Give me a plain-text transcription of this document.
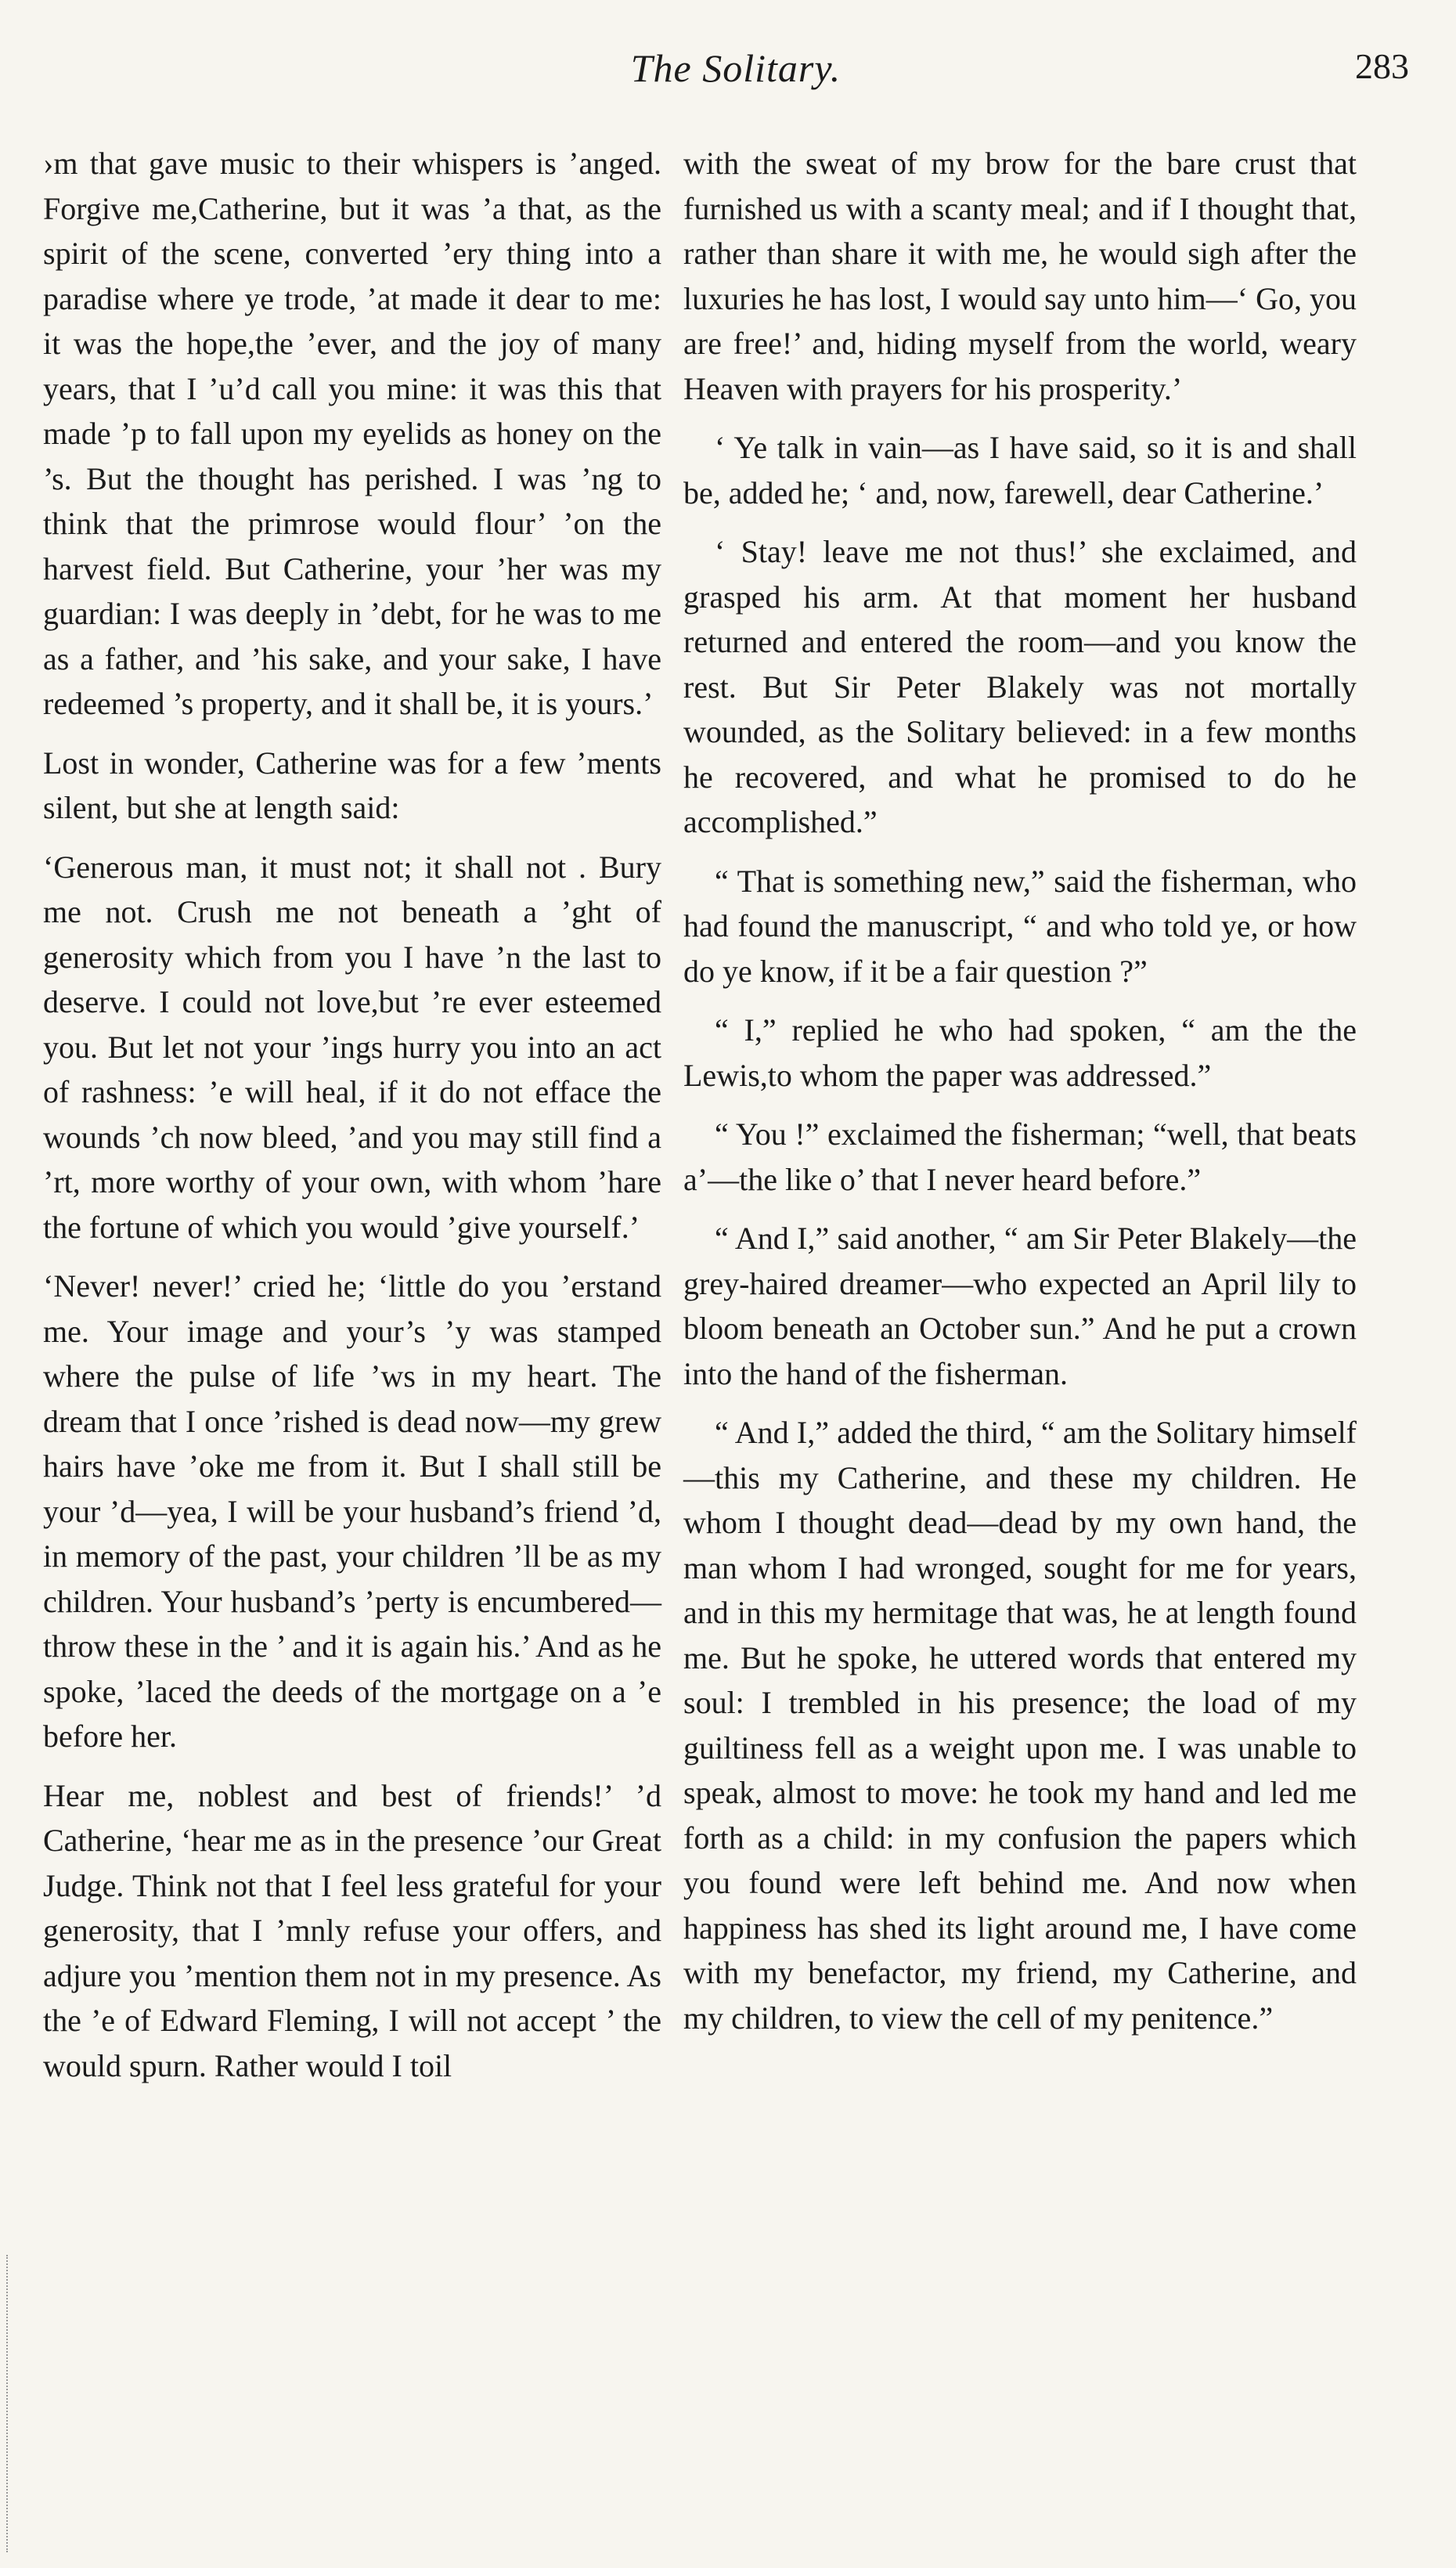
The Solitary.	283

›m that gave music to their whispers is ’anged. Forgive me,Catherine, but it was ’a that, as the spirit of the scene, converted ’ery thing into a paradise where ye trode, ’at made it dear to me: it was the hope,the ’ever, and the joy of many years, that I ’u’d call you mine: it was this that made ’p to fall upon my eyelids as honey on the ’s. But the thought has perished. I was ’ng to think that the primrose would flour’ ’on the harvest field. But Catherine, your ’her was my guardian: I was deeply in ’debt, for he was to me as a father, and ’his sake, and your sake, I have redeemed ’s property, and it shall be, it is yours.’

Lost in wonder, Catherine was for a few ’ments silent, but she at length said:

‘Generous man, it must not; it shall not . Bury me not. Crush me not beneath a ’ght of generosity which from you I have ’n the last to deserve. I could not love,but ’re ever esteemed you. But let not your ’ings hurry you into an act of rashness: ’e will heal, if it do not efface the wounds ’ch now bleed, ’and you may still find a ’rt, more worthy of your own, with whom ’hare the fortune of which you would ’give yourself.’

‘Never! never!’ cried he; ‘little do you ’erstand me. Your image and your’s ’y was stamped where the pulse of life ’ws in my heart. The dream that I once ’rished is dead now—my grew hairs have ’oke me from it. But I shall still be your ’d—yea, I will be your husband’s friend ’d, in memory of the past, your children ’ll be as my children. Your husband’s ’perty is encumbered—throw these in the ’ and it is again his.’ And as he spoke, ’laced the deeds of the mortgage on a ’e before her.

Hear me, noblest and best of friends!’ ’d Catherine, ‘hear me as in the presence ’our Great Judge. Think not that I feel less grateful for your generosity, that I ’mnly refuse your offers, and adjure you ’mention them not in my presence. As the ’e of Edward Fleming, I will not accept ’ the would spurn. Rather would I toil

with the sweat of my brow for the bare crust that furnished us with a scanty meal; and if I thought that, rather than share it with me, he would sigh after the luxuries he has lost, I would say unto him—‘ Go, you are free!’ and, hiding myself from the world, weary Heaven with prayers for his prosperity.’

‘ Ye talk in vain—as I have said, so it is and shall be, added he; ‘ and, now, farewell, dear Catherine.’

‘ Stay! leave me not thus!’ she exclaimed, and grasped his arm. At that moment her husband returned and entered the room—and you know the rest. But Sir Peter Blakely was not mortally wounded, as the Solitary believed: in a few months he recovered, and what he promised to do he accomplished.”

“ That is something new,” said the fisherman, who had found the manuscript, “ and who told ye, or how do ye know, if it be a fair question ?”

“ I,” replied he who had spoken, “ am the the Lewis,to whom the paper was addressed.”

“ You !” exclaimed the fisherman; “well, that beats a’—the like o’ that I never heard before.”

“ And I,” said another, “ am Sir Peter Blakely—the grey-haired dreamer—who expected an April lily to bloom beneath an October sun.” And he put a crown into the hand of the fisherman.

“ And I,” added the third, “ am the Solitary himself—this my Catherine, and these my children. He whom I thought dead—dead by my own hand, the man whom I had wronged, sought for me for years, and in this my hermitage that was, he at length found me. But he spoke, he uttered words that entered my soul: I trembled in his presence; the load of my guiltiness fell as a weight upon me. I was unable to speak, almost to move: he took my hand and led me forth as a child: in my confusion the papers which you found were left behind me. And now when happiness has shed its light around me, I have come with my benefactor, my friend, my Catherine, and my children, to view the cell of my penitence.”
